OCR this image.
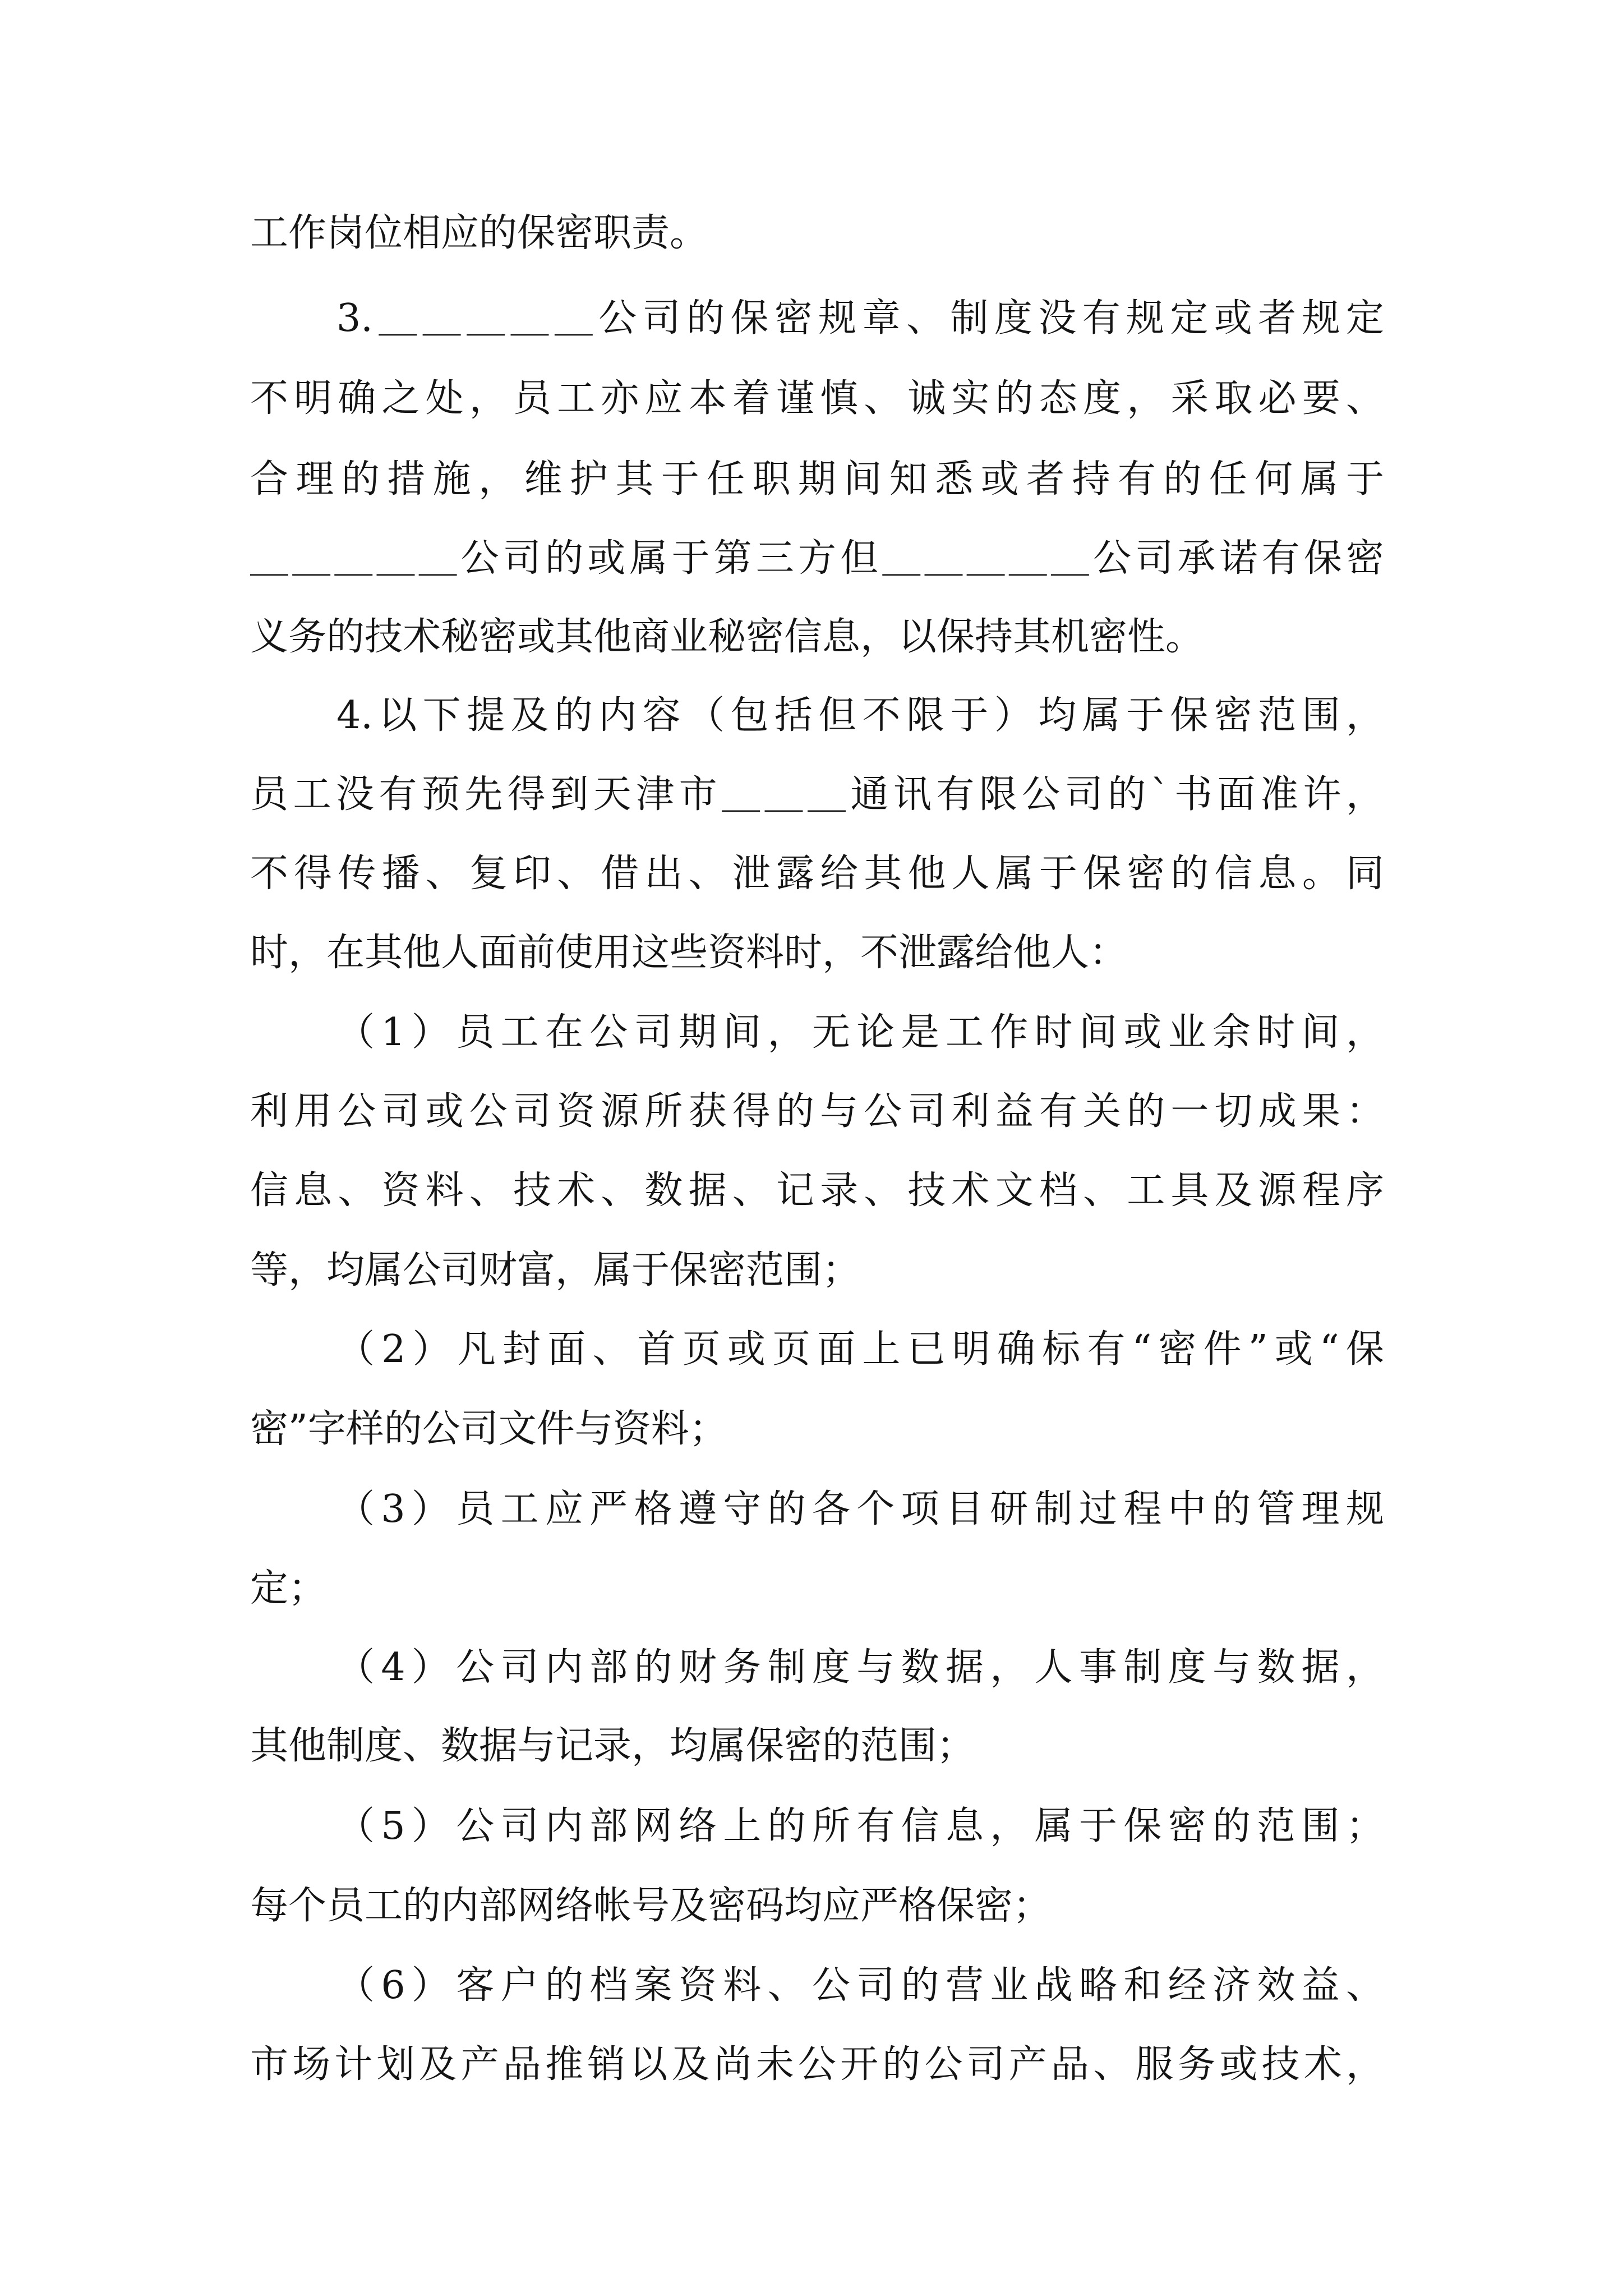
工作岗位相应的保密职责。

3.＿＿＿＿＿公司的保密规章、制度没有规定或者规定

不明确之处，员工亦应本着谨慎、诚实的态度，采取必要、

合理的措施，维护其于任职期间知悉或者持有的任何属于

＿＿＿＿＿公司的或属于第三方但＿＿＿＿＿公司承诺有保密

义务的技术秘密或其他商业秘密信息，以保持其机密性。

4.以下提及的内容（包括但不限于）均属于保密范围，

员工没有预先得到天津市＿＿＿通讯有限公司的`书面准许，

不得传播、复印、借出、泄露给其他人属于保密的信息。同

时，在其他人面前使用这些资料时，不泄露给他人：

（1）员工在公司期间，无论是工作时间或业余时间，

利用公司或公司资源所获得的与公司利益有关的一切成果：

信息、资料、技术、数据、记录、技术文档、工具及源程序

等，均属公司财富，属于保密范围；

（2）凡封面、首页或页面上已明确标有“密件”或“保

密”字样的公司文件与资料；

（3）员工应严格遵守的各个项目研制过程中的管理规

定；

（4）公司内部的财务制度与数据，人事制度与数据，

其他制度、数据与记录，均属保密的范围；

（5）公司内部网络上的所有信息，属于保密的范围；

每个员工的内部网络帐号及密码均应严格保密；

（6）客户的档案资料、公司的营业战略和经济效益、

市场计划及产品推销以及尚未公开的公司产品、服务或技术，
